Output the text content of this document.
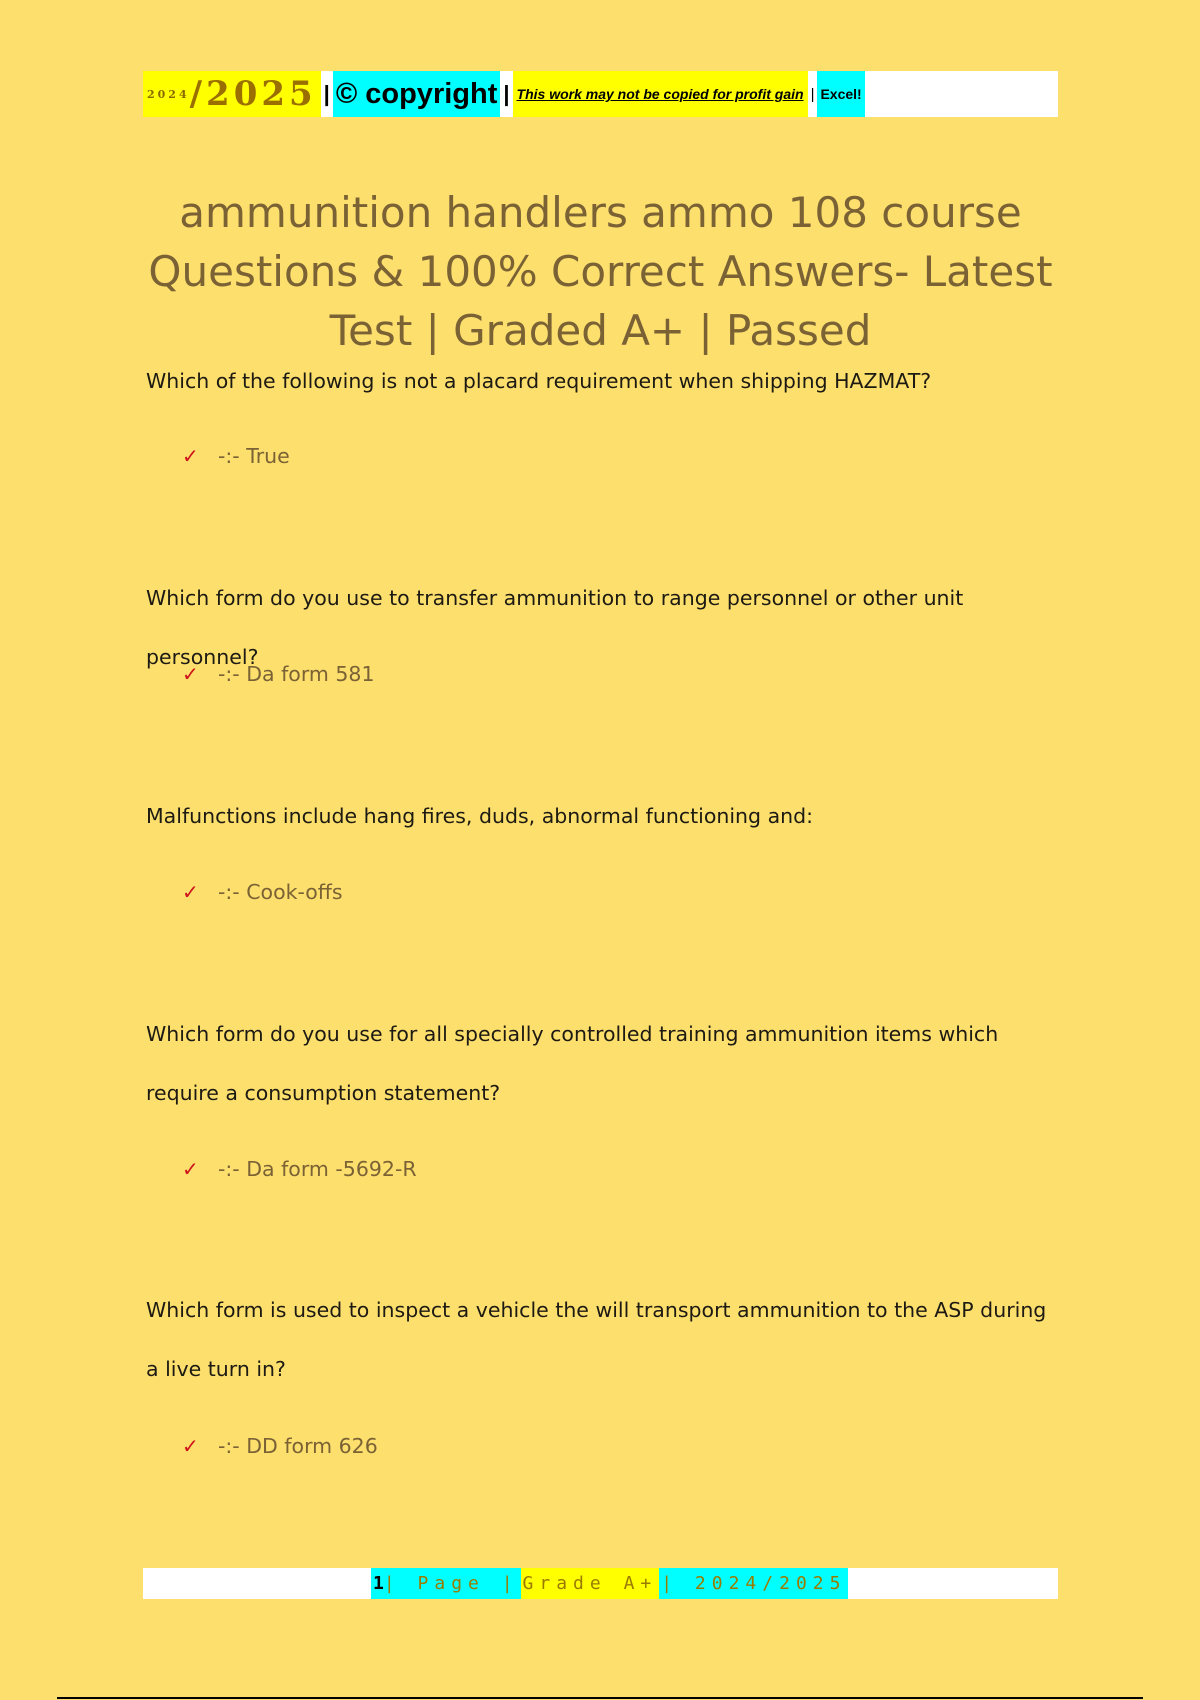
2024 /2025 | © copyright | This work may not be copied for profit gain | Excel!
ammunition handlers ammo 108 course Questions & 100% Correct Answers- Latest Test | Graded A+ | Passed
Which of the following is not a placard requirement when shipping HAZMAT?
✓ -:- True
Which form do you use to transfer ammunition to range personnel or other unit personnel?
✓ -:- Da form 581
Malfunctions include hang fires, duds, abnormal functioning and:
✓ -:- Cook-offs
Which form do you use for all specially controlled training ammunition items which require a consumption statement?
✓ -:- Da form -5692-R
Which form is used to inspect a vehicle the will transport ammunition to the ASP during a live turn in?
✓ -:- DD form 626
1 | Page | Grade A+ | 2024/2025
